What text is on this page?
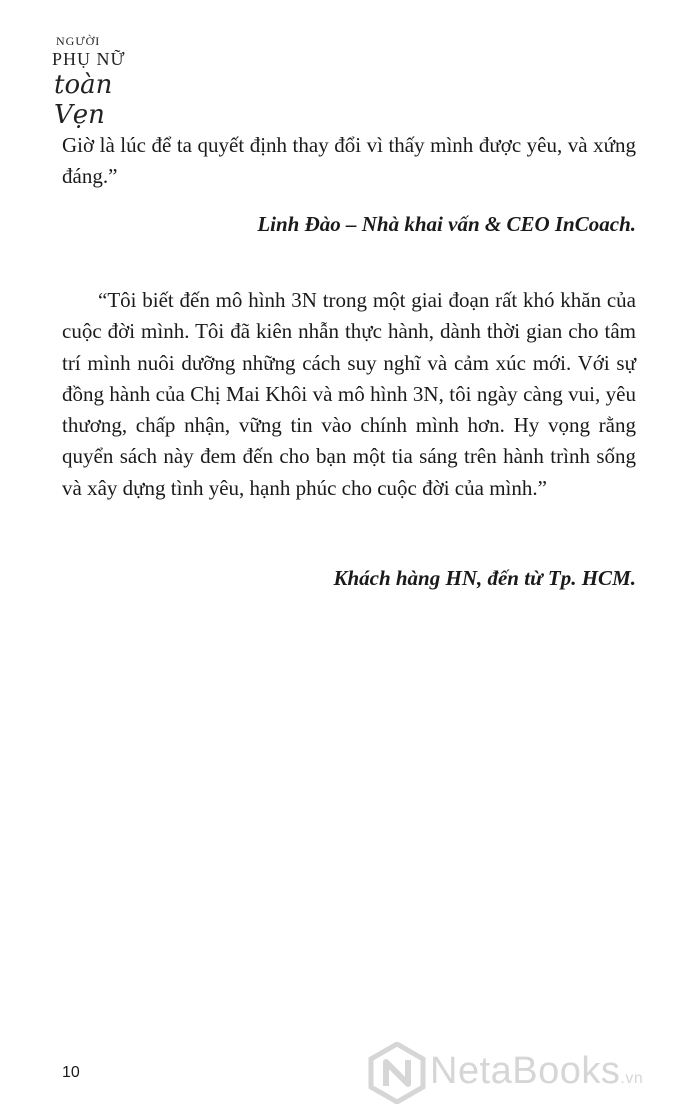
NGƯỜI
PHỤ NỮ
toàn Vẹn

Giờ là lúc để ta quyết định thay đổi vì thấy mình được yêu, và xứng đáng.”

Linh Đào – Nhà khai vấn & CEO InCoach.

“Tôi biết đến mô hình 3N trong một giai đoạn rất khó khăn của cuộc đời mình. Tôi đã kiên nhẫn thực hành, dành thời gian cho tâm trí mình nuôi dưỡng những cách suy nghĩ và cảm xúc mới. Với sự đồng hành của Chị Mai Khôi và mô hình 3N, tôi ngày càng vui, yêu thương, chấp nhận, vững tin vào chính mình hơn. Hy vọng rằng quyển sách này đem đến cho bạn một tia sáng trên hành trình sống và xây dựng tình yêu, hạnh phúc cho cuộc đời của mình.”

Khách hàng HN, đến từ Tp. HCM.
10	NetaBooks.vn
